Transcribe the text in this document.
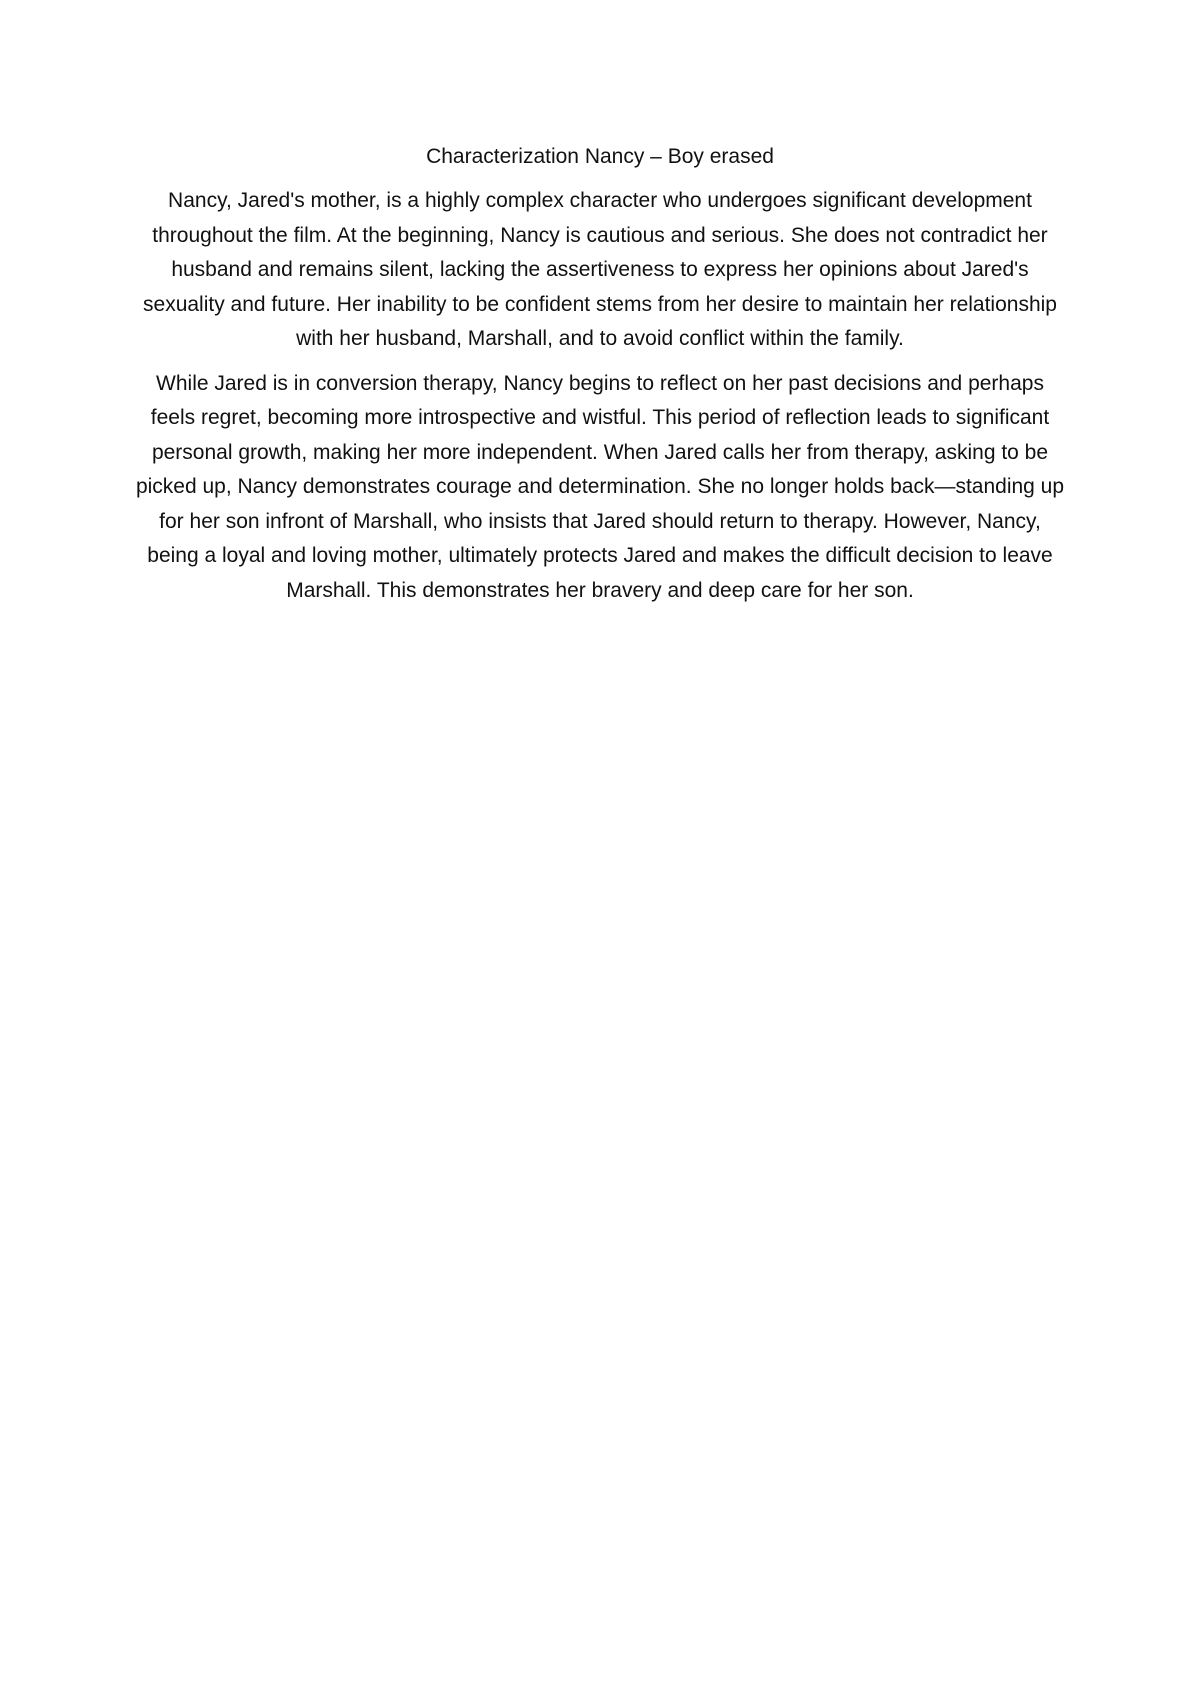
Characterization Nancy – Boy erased

Nancy, Jared's mother, is a highly complex character who undergoes significant development throughout the film. At the beginning, Nancy is cautious and serious. She does not contradict her husband and remains silent, lacking the assertiveness to express her opinions about Jared's sexuality and future. Her inability to be confident stems from her desire to maintain her relationship with her husband, Marshall, and to avoid conflict within the family.

While Jared is in conversion therapy, Nancy begins to reflect on her past decisions and perhaps feels regret, becoming more introspective and wistful. This period of reflection leads to significant personal growth, making her more independent. When Jared calls her from therapy, asking to be picked up, Nancy demonstrates courage and determination. She no longer holds back—standing up for her son infront of Marshall, who insists that Jared should return to therapy. However, Nancy, being a loyal and loving mother, ultimately protects Jared and makes the difficult decision to leave Marshall. This demonstrates her bravery and deep care for her son.
